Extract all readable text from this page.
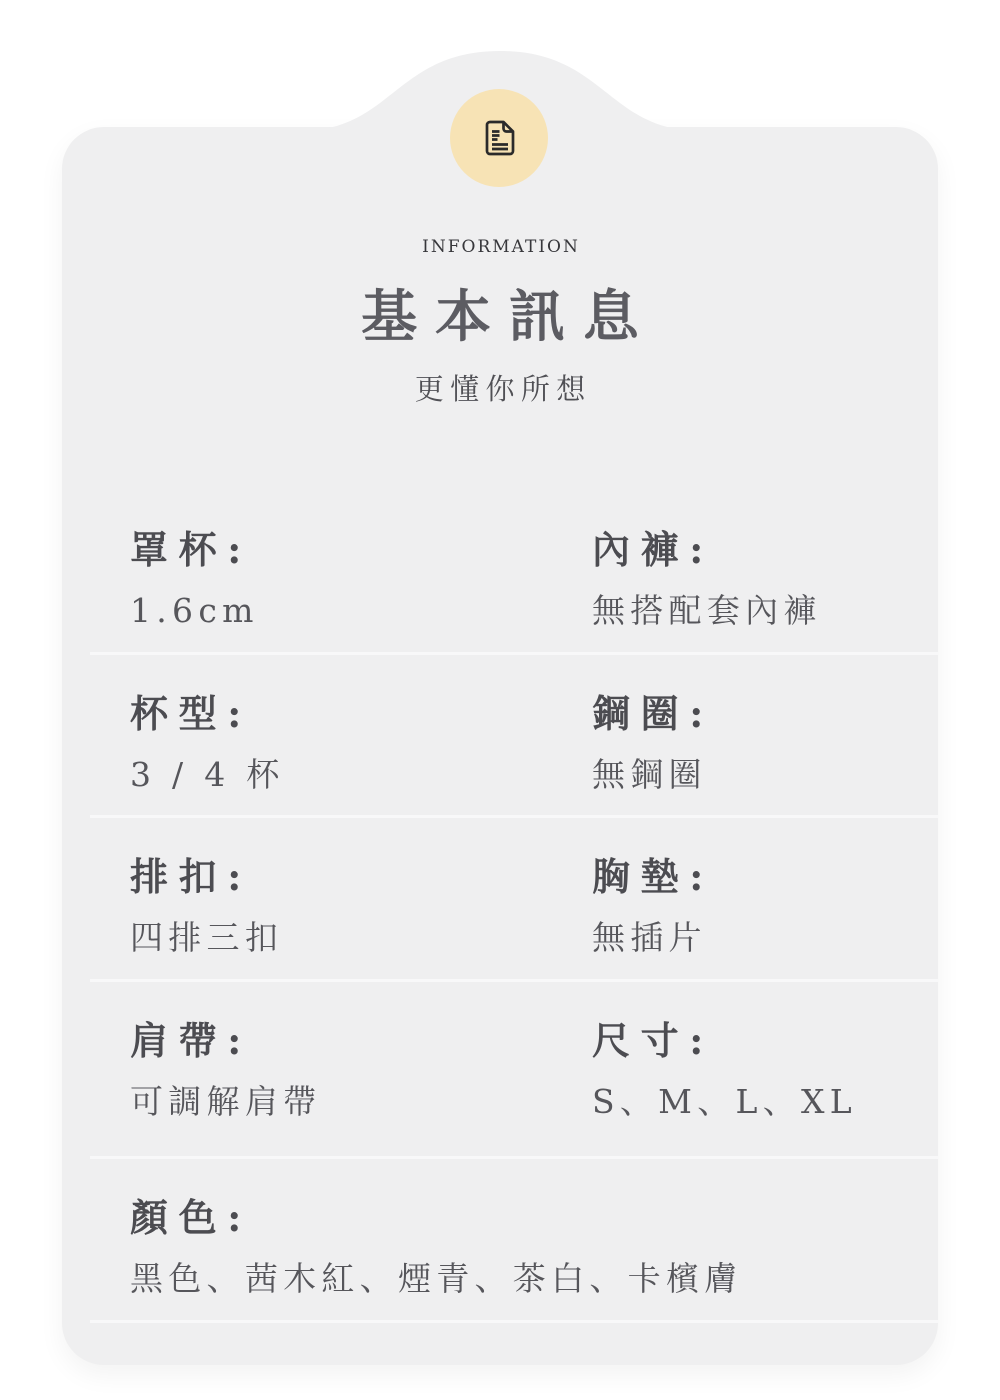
INFORMATION
基本訊息
更懂你所想
罩杯:
1.6cm
內褲:
無搭配套內褲
杯型:
3 / 4 杯
鋼圈:
無鋼圈
排扣:
四排三扣
胸墊:
無插片
肩帶:
可調解肩帶
尺寸:
S、M、L、XL
顏色:
黑色、茜木紅、煙青、茶白、卡檳膚
